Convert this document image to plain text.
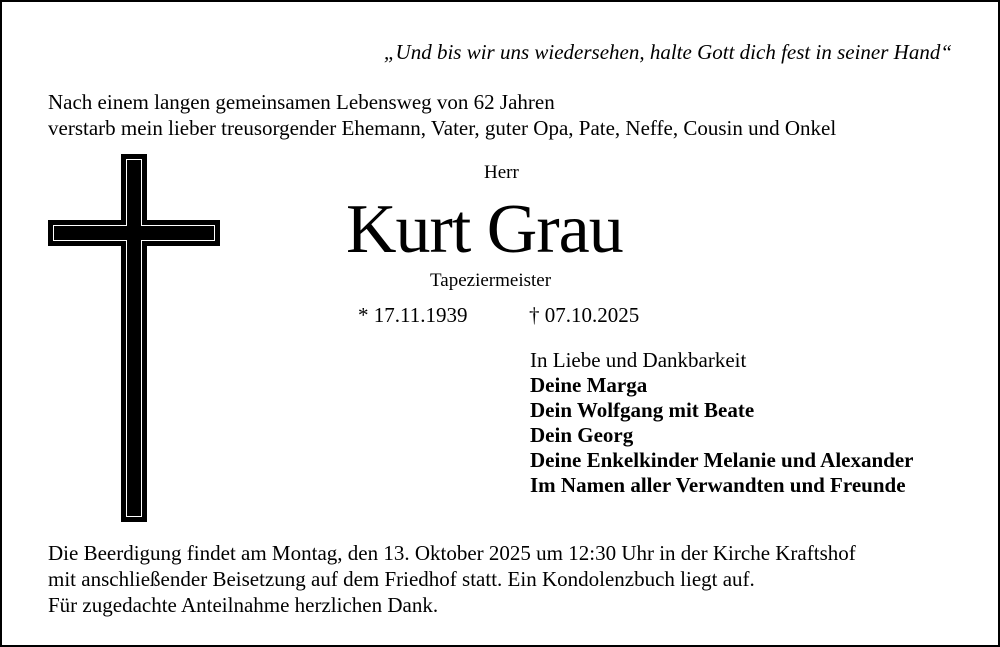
„Und bis wir uns wiedersehen, halte Gott dich fest in seiner Hand“
Nach einem langen gemeinsamen Lebensweg von 62 Jahren
verstarb mein lieber treusorgender Ehemann, Vater, guter Opa, Pate, Neffe, Cousin und Onkel
Herr
Kurt Grau
Tapeziermeister
* 17.11.1939	† 07.10.2025
In Liebe und Dankbarkeit
Deine Marga
Dein Wolfgang mit Beate
Dein Georg
Deine Enkelkinder Melanie und Alexander
Im Namen aller Verwandten und Freunde
Die Beerdigung findet am Montag, den 13. Oktober 2025 um 12:30 Uhr in der Kirche Kraftshof
mit anschließender Beisetzung auf dem Friedhof statt. Ein Kondolenzbuch liegt auf.
Für zugedachte Anteilnahme herzlichen Dank.
